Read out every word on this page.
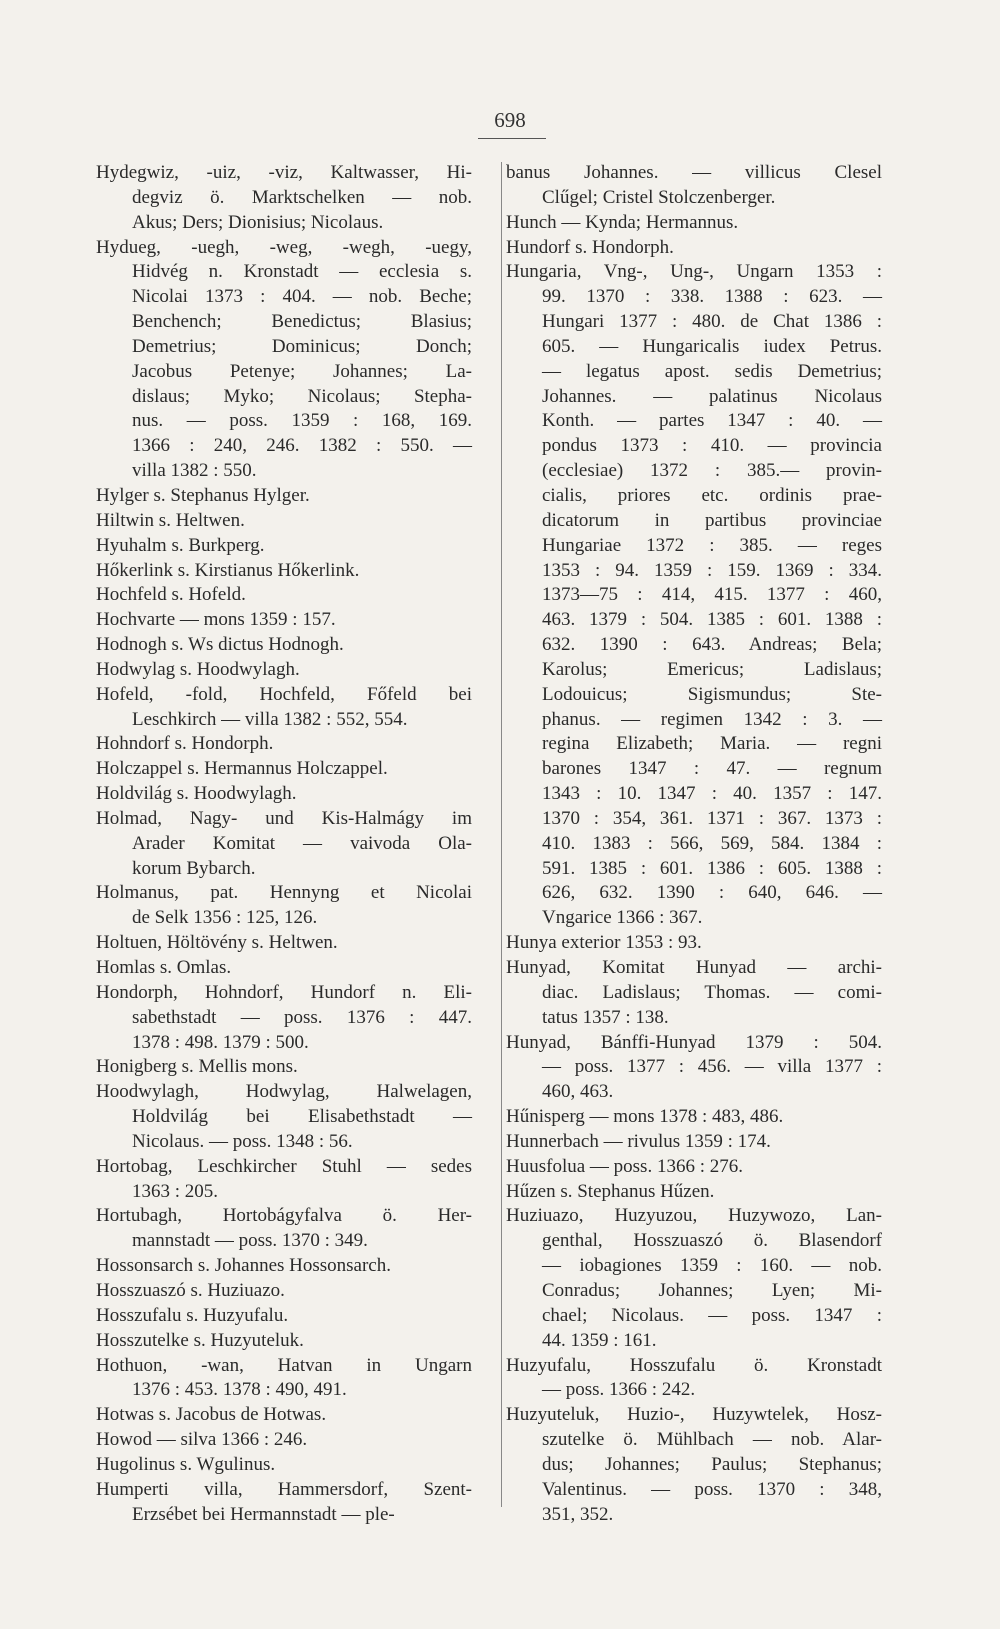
698
Hydegwiz, -uiz, -viz, Kaltwasser, Hi-
degviz ö. Marktschelken — nob.
Akus; Ders; Dionisius; Nicolaus.
Hydueg, -uegh, -weg, -wegh, -uegy,
Hidvég n. Kronstadt — ecclesia s.
Nicolai 1373 : 404. — nob. Beche;
Benchench; Benedictus; Blasius;
Demetrius; Dominicus; Donch;
Jacobus Petenye; Johannes; La-
dislaus; Myko; Nicolaus; Stepha-
nus. — poss. 1359 : 168, 169.
1366 : 240, 246. 1382 : 550. —
villa 1382 : 550.
Hylger s. Stephanus Hylger.
Hiltwin s. Heltwen.
Hyuhalm s. Burkperg.
Hőkerlink s. Kirstianus Hőkerlink.
Hochfeld s. Hofeld.
Hochvarte — mons 1359 : 157.
Hodnogh s. Ws dictus Hodnogh.
Hodwylag s. Hoodwylagh.
Hofeld, -fold, Hochfeld, Főfeld bei
Leschkirch — villa 1382 : 552, 554.
Hohndorf s. Hondorph.
Holczappel s. Hermannus Holczappel.
Holdvilág s. Hoodwylagh.
Holmad, Nagy- und Kis-Halmágy im
Arader Komitat — vaivoda Ola-
korum Bybarch.
Holmanus, pat. Hennyng et Nicolai
de Selk 1356 : 125, 126.
Holtuen, Höltövény s. Heltwen.
Homlas s. Omlas.
Hondorph, Hohndorf, Hundorf n. Eli-
sabethstadt — poss. 1376 : 447.
1378 : 498. 1379 : 500.
Honigberg s. Mellis mons.
Hoodwylagh, Hodwylag, Halwelagen,
Holdvilág bei Elisabethstadt —
Nicolaus. — poss. 1348 : 56.
Hortobag, Leschkircher Stuhl — sedes
1363 : 205.
Hortubagh, Hortobágyfalva ö. Her-
mannstadt — poss. 1370 : 349.
Hossonsarch s. Johannes Hossonsarch.
Hosszuaszó s. Huziuazo.
Hosszufalu s. Huzyufalu.
Hosszutelke s. Huzyuteluk.
Hothuon, -wan, Hatvan in Ungarn
1376 : 453. 1378 : 490, 491.
Hotwas s. Jacobus de Hotwas.
Howod — silva 1366 : 246.
Hugolinus s. Wgulinus.
Humperti villa, Hammersdorf, Szent-
Erzsébet bei Hermannstadt — ple-
banus Johannes. — villicus Clesel
Clűgel; Cristel Stolczenberger.
Hunch — Kynda; Hermannus.
Hundorf s. Hondorph.
Hungaria, Vng-, Ung-, Ungarn 1353 :
99. 1370 : 338. 1388 : 623. —
Hungari 1377 : 480. de Chat 1386 :
605. — Hungaricalis iudex Petrus.
— legatus apost. sedis Demetrius;
Johannes. — palatinus Nicolaus
Konth. — partes 1347 : 40. —
pondus 1373 : 410. — provincia
(ecclesiae) 1372 : 385.— provin-
cialis, priores etc. ordinis prae-
dicatorum in partibus provinciae
Hungariae 1372 : 385. — reges
1353 : 94. 1359 : 159. 1369 : 334.
1373—75 : 414, 415. 1377 : 460,
463. 1379 : 504. 1385 : 601. 1388 :
632. 1390 : 643. Andreas; Bela;
Karolus; Emericus; Ladislaus;
Lodouicus; Sigismundus; Ste-
phanus. — regimen 1342 : 3. —
regina Elizabeth; Maria. — regni
barones 1347 : 47. — regnum
1343 : 10. 1347 : 40. 1357 : 147.
1370 : 354, 361. 1371 : 367. 1373 :
410. 1383 : 566, 569, 584. 1384 :
591. 1385 : 601. 1386 : 605. 1388 :
626, 632. 1390 : 640, 646. —
Vngarice 1366 : 367.
Hunya exterior 1353 : 93.
Hunyad, Komitat Hunyad — archi-
diac. Ladislaus; Thomas. — comi-
tatus 1357 : 138.
Hunyad, Bánffi-Hunyad 1379 : 504.
— poss. 1377 : 456. — villa 1377 :
460, 463.
Hűnisperg — mons 1378 : 483, 486.
Hunnerbach — rivulus 1359 : 174.
Huusfolua — poss. 1366 : 276.
Hűzen s. Stephanus Hűzen.
Huziuazo, Huzyuzou, Huzywozo, Lan-
genthal, Hosszuaszó ö. Blasendorf
— iobagiones 1359 : 160. — nob.
Conradus; Johannes; Lyen; Mi-
chael; Nicolaus. — poss. 1347 :
44. 1359 : 161.
Huzyufalu, Hosszufalu ö. Kronstadt
— poss. 1366 : 242.
Huzyuteluk, Huzio-, Huzywtelek, Hosz-
szutelke ö. Mühlbach — nob. Alar-
dus; Johannes; Paulus; Stephanus;
Valentinus. — poss. 1370 : 348,
351, 352.
